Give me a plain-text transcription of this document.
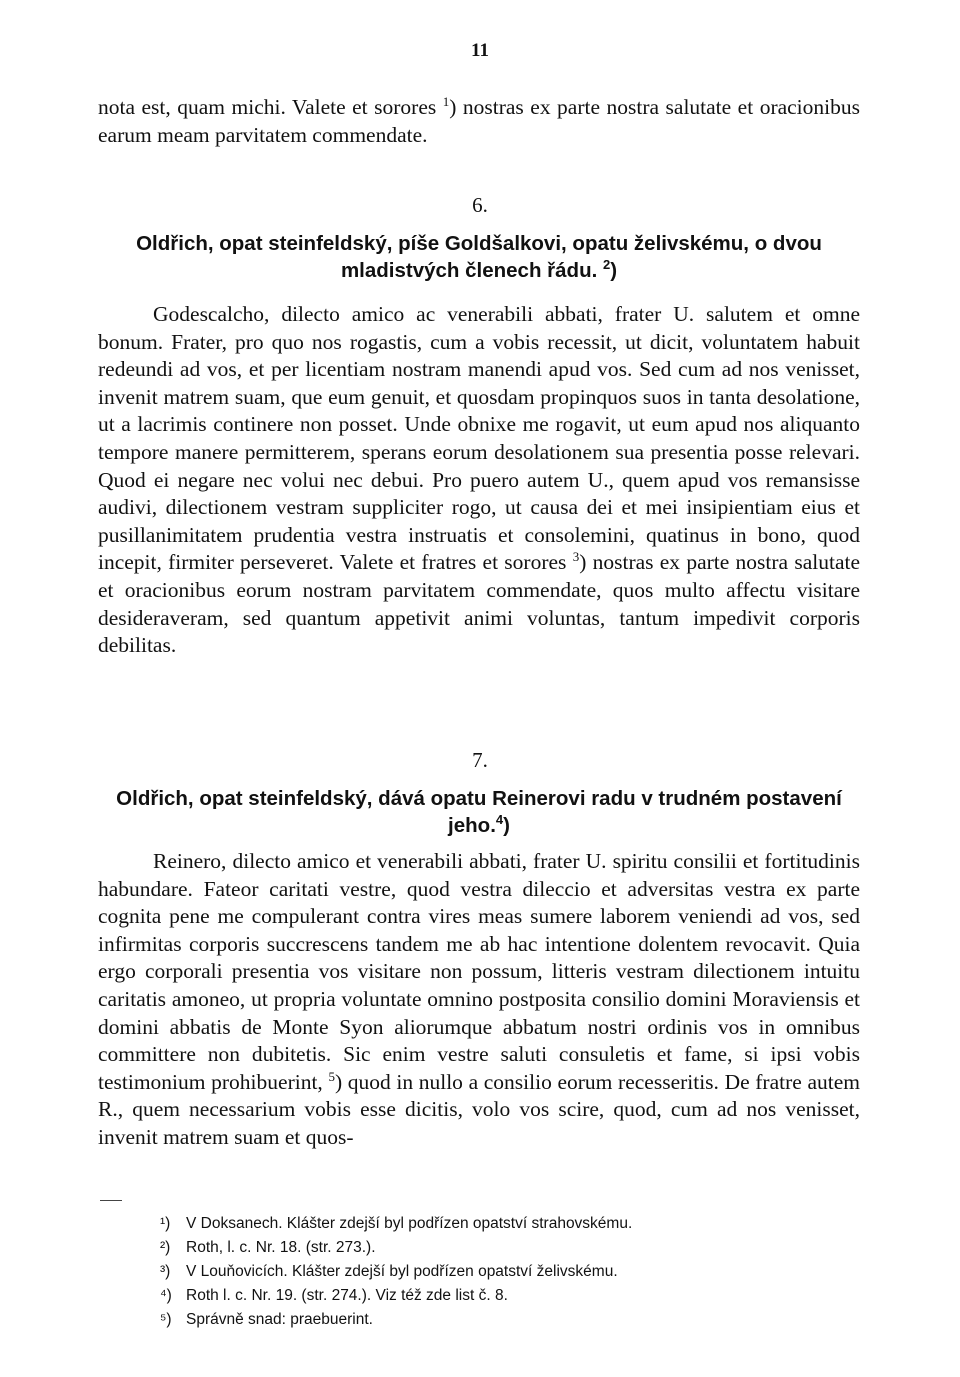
11

nota est, quam michi. Valete et sorores $^1$) nostras ex parte nostra salutate et oracionibus earum meam parvitatem commendate.

6.

Oldřich, opat steinfeldský, píše Goldšalkovi, opatu želivskému, o dvou mladistvých členech řádu. $^2$)

Godescalcho, dilecto amico ac venerabili abbati, frater U. salutem et omne bonum. Frater, pro quo nos rogastis, cum a vobis recessit, ut dicit, voluntatem habuit redeundi ad vos, et per licentiam nostram manendi apud vos. Sed cum ad nos venisset, invenit matrem suam, que eum genuit, et quosdam propinquos suos in tanta desolatione, ut a lacrimis continere non posset. Unde obnixe me rogavit, ut eum apud nos aliquanto tempore manere permitterem, sperans eorum desolationem sua presentia posse relevari. Quod ei negare nec volui nec debui. Pro puero autem U., quem apud vos remansisse audivi, dilectionem vestram suppliciter rogo, ut causa dei et mei insipientiam eius et pusillanimitatem prudentia vestra instruatis et consolemini, quatinus in bono, quod incepit, firmiter perseveret. Valete et fratres et sorores $^3$) nostras ex parte nostra salutate et oracionibus eorum nostram parvitatem commendate, quos multo affectu visitare desideraveram, sed quantum appetivit animi voluntas, tantum impedivit corporis debilitas.

7.

Oldřich, opat steinfeldský, dává opatu Reinerovi radu v trudném postavení jeho.$^4$)

Reinero, dilecto amico et venerabili abbati, frater U. spiritu consilii et fortitudinis habundare. Fateor caritati vestre, quod vestra dileccio et adversitas vestra ex parte cognita pene me compulerant contra vires meas sumere laborem veniendi ad vos, sed infirmitas corporis succrescens tandem me ab hac intentione dolentem revocavit. Quia ergo corporali presentia vos visitare non possum, litteris vestram dilectionem intuitu caritatis amoneo, ut propria voluntate omnino postposita consilio domini Moraviensis et domini abbatis de Monte Syon aliorumque abbatum nostri ordinis vos in omnibus committere non dubitetis. Sic enim vestre saluti consuletis et fame, si ipsi vobis testimonium prohibuerint, $^5$) quod in nullo a consilio eorum recesseritis. De fratre autem R., quem necessarium vobis esse dicitis, volo vos scire, quod, cum ad nos venisset, invenit matrem suam et quos-

¹)	V Doksanech. Klášter zdejší byl podřízen opatství strahovskému.
²)	Roth, l. c. Nr. 18. (str. 273.).
³)	V Louňovicích. Klášter zdejší byl podřízen opatství želivskému.
⁴) Roth l. c. Nr. 19. (str. 274.). Viz též zde list č. 8.
⁵) Správně snad: praebuerint.
